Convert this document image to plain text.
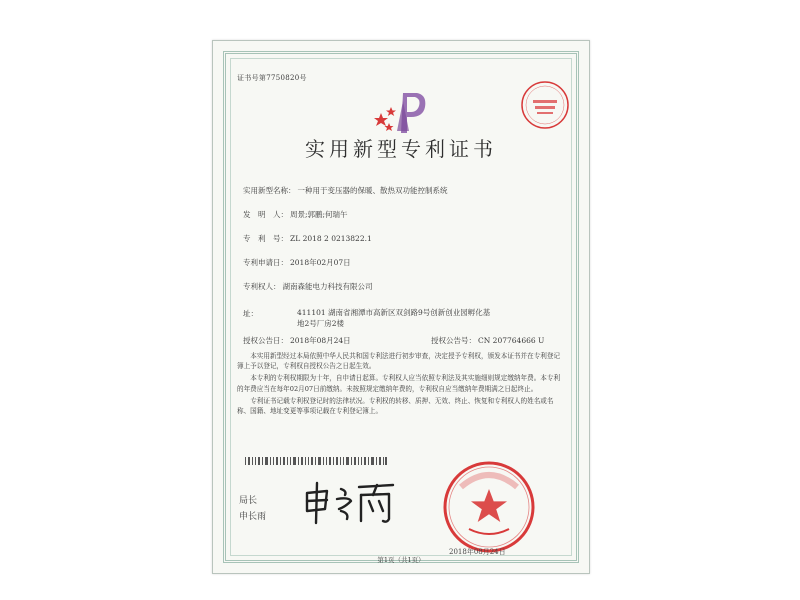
证书号第7750820号
实用新型专利证书
实用新型名称： 一种用于变压器的保暖、散热双功能控制系统
发　明　人： 周景;郭鹏;何瑞午
专　利　号： ZL 2018 2 0213822.1
专利申请日： 2018年02月07日
专利权人： 湖南森能电力科技有限公司
址：	411101 湖南省湘潭市高新区双剑路9号创新创业园孵化基
地2号厂房2楼
授权公告日： 2018年08月24日	授权公告号： CN 207764666 U

本实用新型经过本局依照中华人民共和国专利法进行初步审查，决定授予专利权，颁发本证书并在专利登记簿上予以登记，专利权自授权公告之日起生效。

本专利的专利权期限为十年，自申请日起算。专利权人应当依照专利法及其实施细则规定缴纳年费。本专利的年费应当在每年02月07日前缴纳。未按照规定缴纳年费的，专利权自应当缴纳年费期满之日起终止。

专利证书记载专利权登记时的法律状况。专利权的转移、质押、无效、终止、恢复和专利权人的姓名或名称、国籍、地址变更等事项记载在专利登记簿上。

局长
申长雨
2018年08月24日
第1页（共1页）
